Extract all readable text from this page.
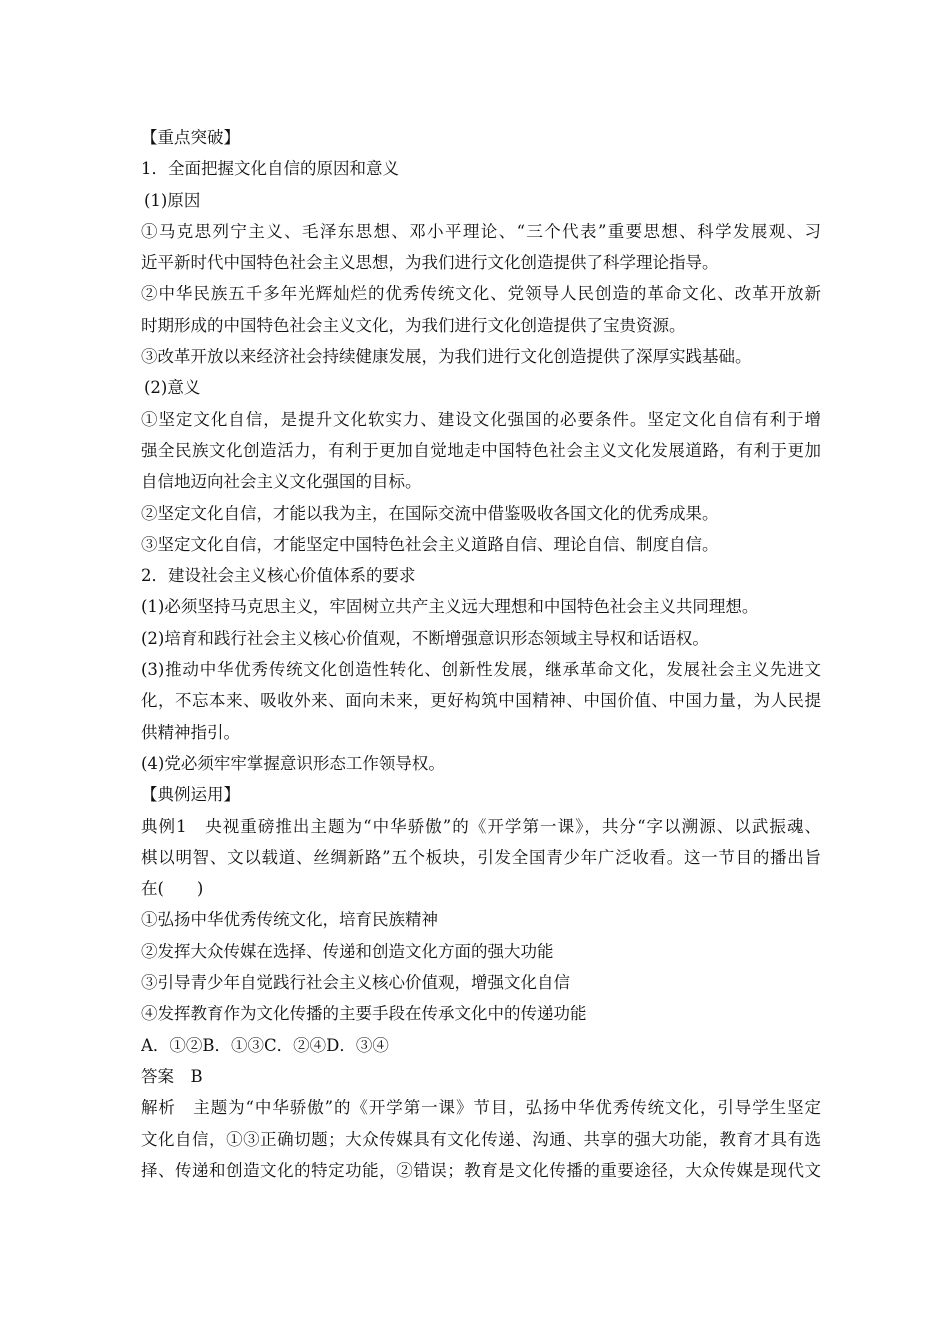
【重点突破】
1．全面把握文化自信的原因和意义
(1)原因
①马克思列宁主义、毛泽东思想、邓小平理论、“三个代表”重要思想、科学发展观、习
近平新时代中国特色社会主义思想，为我们进行文化创造提供了科学理论指导。
②中华民族五千多年光辉灿烂的优秀传统文化、党领导人民创造的革命文化、改革开放新
时期形成的中国特色社会主义文化，为我们进行文化创造提供了宝贵资源。
③改革开放以来经济社会持续健康发展，为我们进行文化创造提供了深厚实践基础。
(2)意义
①坚定文化自信，是提升文化软实力、建设文化强国的必要条件。坚定文化自信有利于增
强全民族文化创造活力，有利于更加自觉地走中国特色社会主义文化发展道路，有利于更加
自信地迈向社会主义文化强国的目标。
②坚定文化自信，才能以我为主，在国际交流中借鉴吸收各国文化的优秀成果。
③坚定文化自信，才能坚定中国特色社会主义道路自信、理论自信、制度自信。
2．建设社会主义核心价值体系的要求
(1)必须坚持马克思主义，牢固树立共产主义远大理想和中国特色社会主义共同理想。
(2)培育和践行社会主义核心价值观，不断增强意识形态领域主导权和话语权。
(3)推动中华优秀传统文化创造性转化、创新性发展，继承革命文化，发展社会主义先进文
化，不忘本来、吸收外来、面向未来，更好构筑中国精神、中国价值、中国力量，为人民提
供精神指引。
(4)党必须牢牢掌握意识形态工作领导权。
【典例运用】
典例1　央视重磅推出主题为“中华骄傲”的《开学第一课》，共分“字以溯源、以武振魂、
棋以明智、文以载道、丝绸新路”五个板块，引发全国青少年广泛收看。这一节目的播出旨
在(　　)
①弘扬中华优秀传统文化，培育民族精神
②发挥大众传媒在选择、传递和创造文化方面的强大功能
③引导青少年自觉践行社会主义核心价值观，增强文化自信
④发挥教育作为文化传播的主要手段在传承文化中的传递功能
A．①②B．①③C．②④D．③④
答案　B
解析　主题为“中华骄傲”的《开学第一课》节目，弘扬中华优秀传统文化，引导学生坚定
文化自信，①③正确切题；大众传媒具有文化传递、沟通、共享的强大功能，教育才具有选
择、传递和创造文化的特定功能，②错误；教育是文化传播的重要途径，大众传媒是现代文
